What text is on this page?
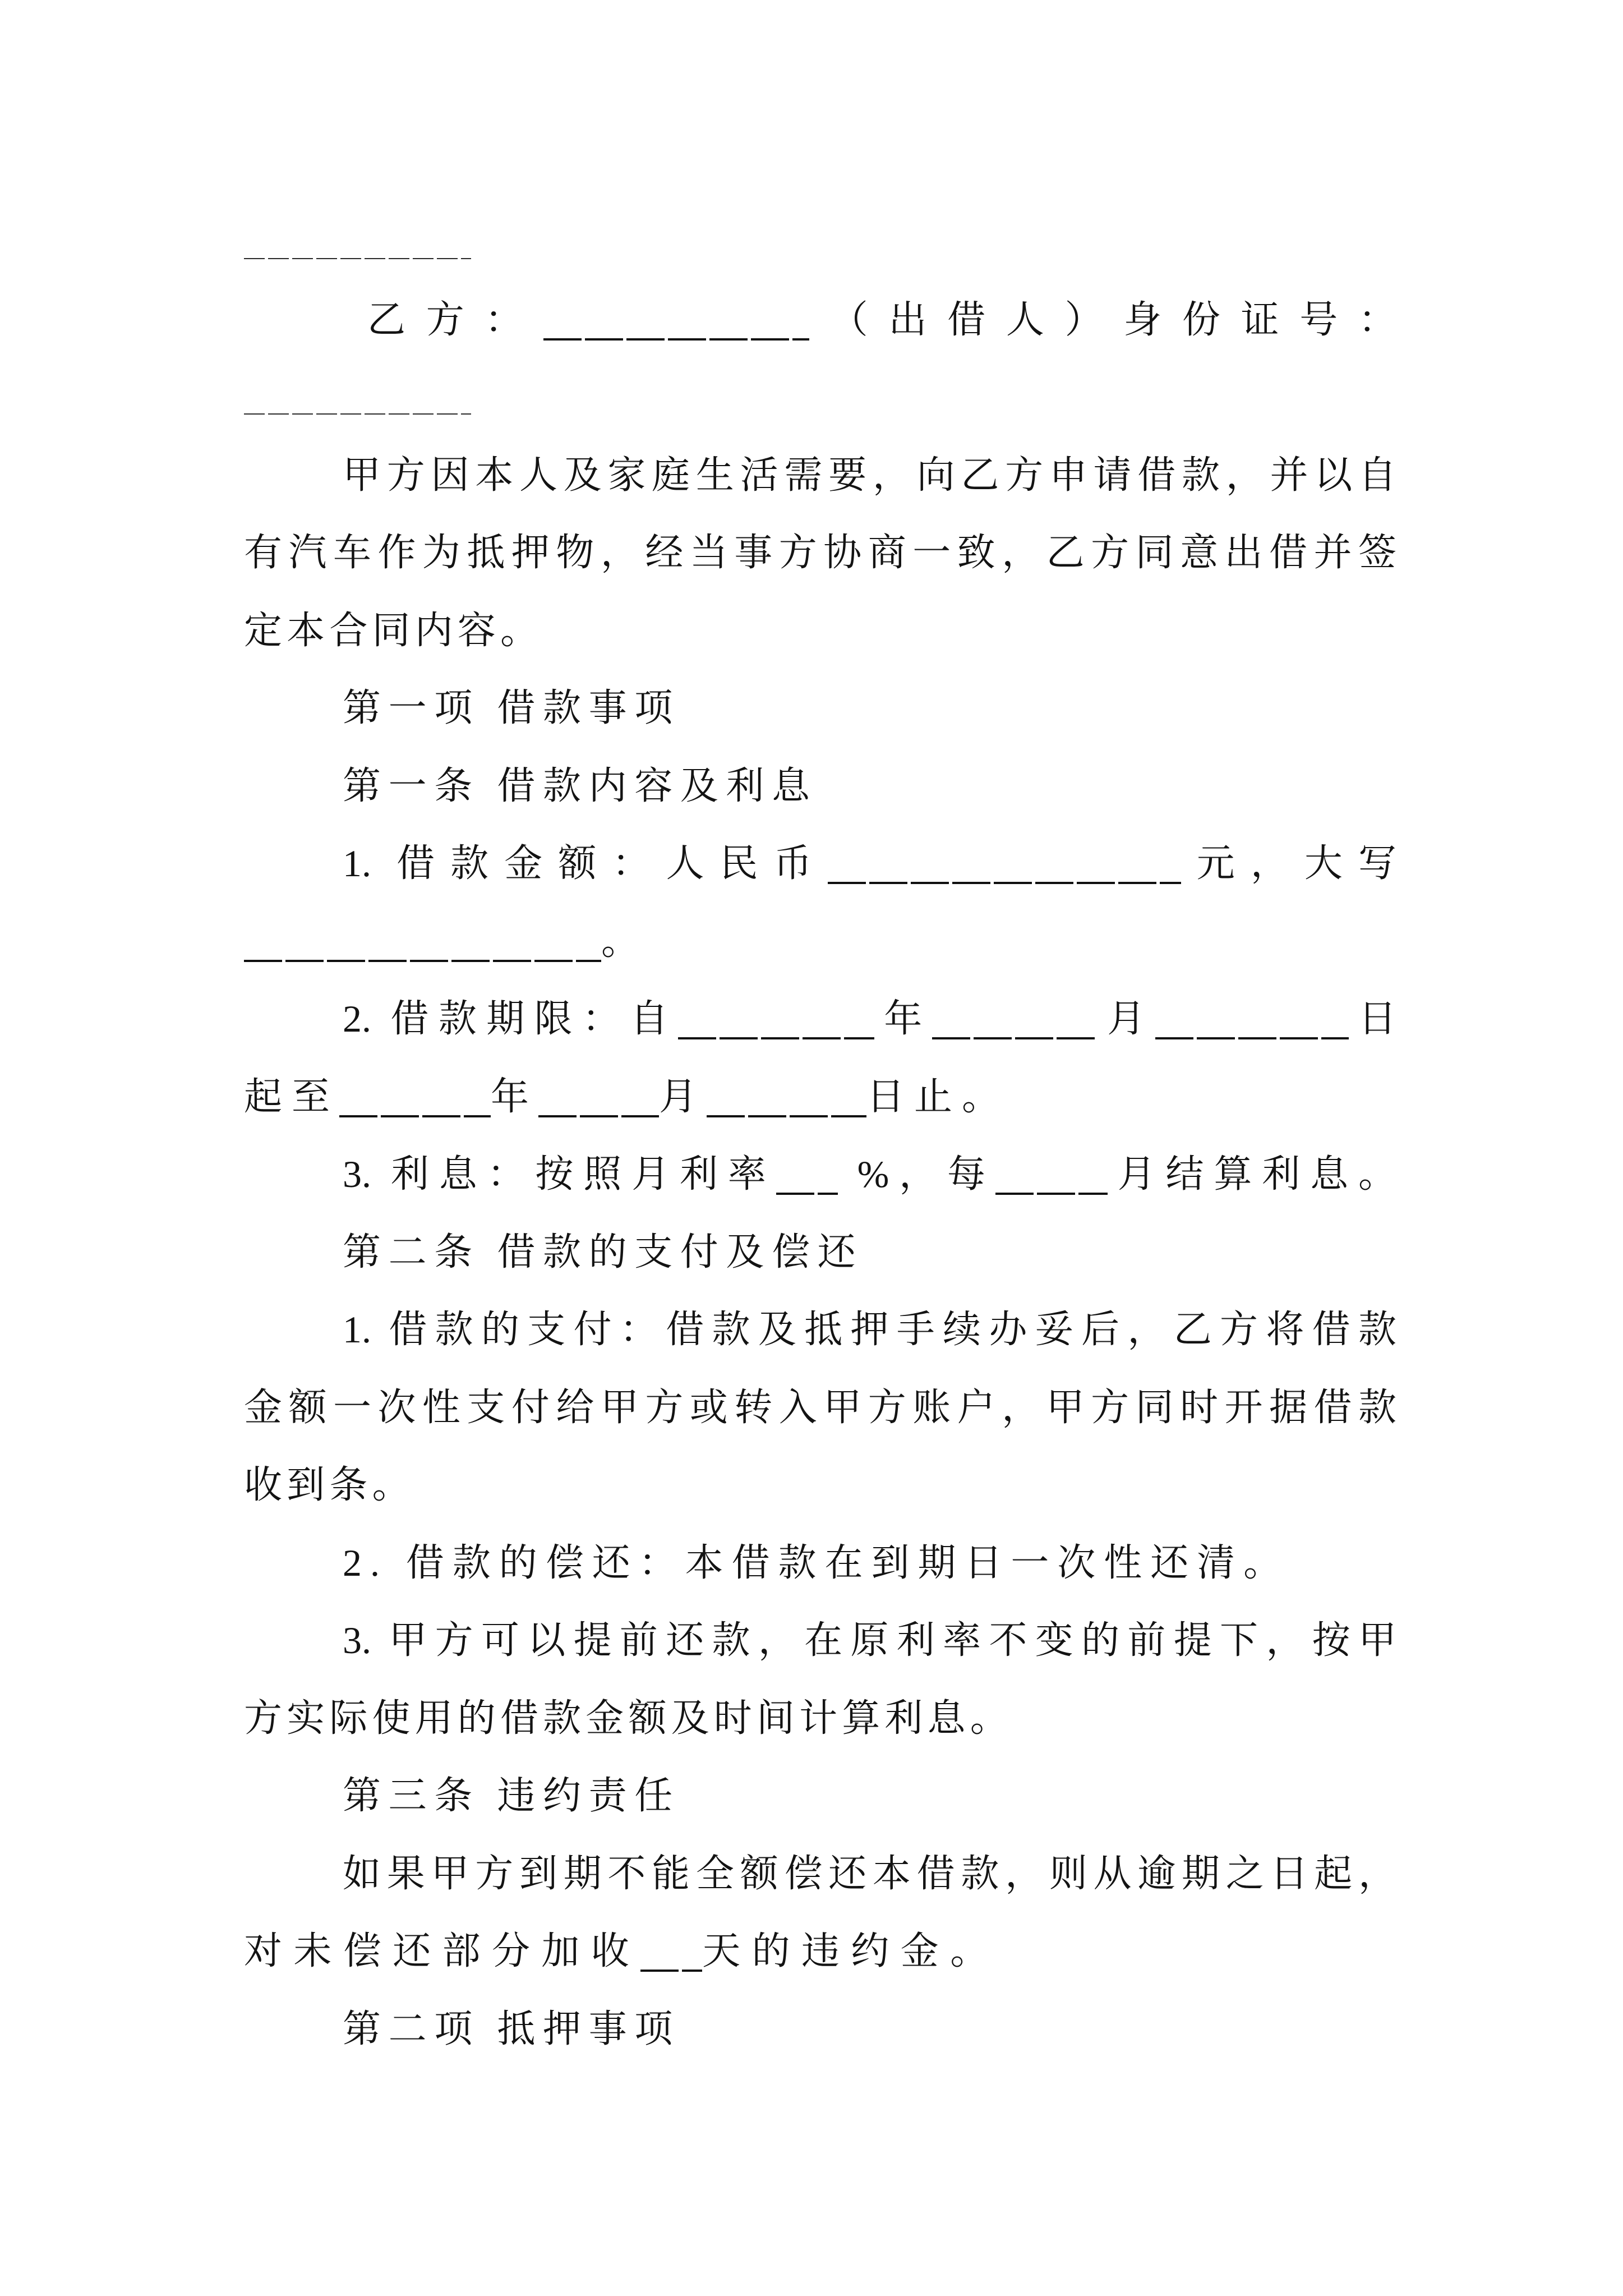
乙方：	（出借人）身份证号：
甲方因本人及家庭生活需要，向乙方申请借款，并以自
有汽车作为抵押物，经当事方协商一致，乙方同意出借并签
定本合同内容。
第一项 借款事项
第一条 借款内容及利息
1. 借款金额：人民币	元，大写
。
2. 借款期限：自	年	月	日
起至	年	月	日止。
3. 利息：按照月利率 %，每	月结算利息。
第二条 借款的支付及偿还
1. 借款的支付：借款及抵押手续办妥后，乙方将借款
金额一次性支付给甲方或转入甲方账户，甲方同时开据借款
收到条。
2. 借款的偿还：本借款在到期日一次性还清。
3. 甲方可以提前还款，在原利率不变的前提下，按甲
方实际使用的借款金额及时间计算利息。
第三条 违约责任
如果甲方到期不能全额偿还本借款，则从逾期之日起，
对未偿还部分加收 天的违约金。
第二项 抵押事项
